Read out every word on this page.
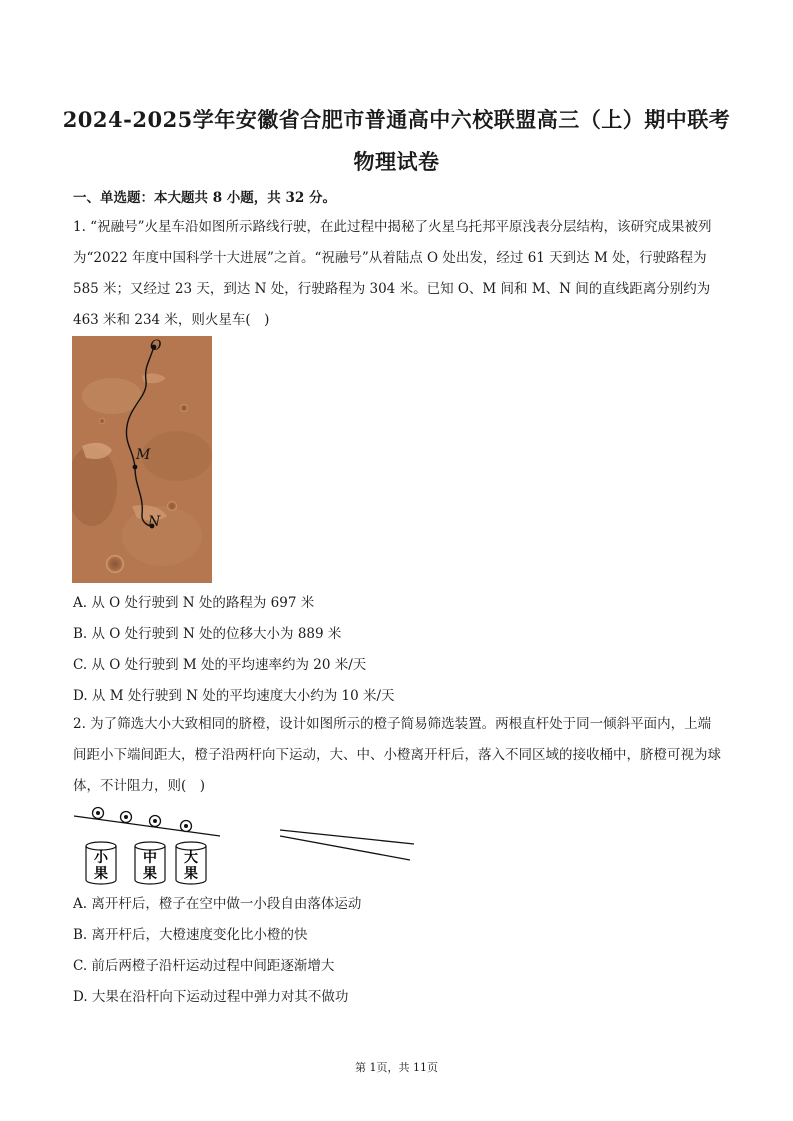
2024-2025学年安徽省合肥市普通高中六校联盟高三（上）期中联考
物理试卷
一、单选题：本大题共 8 小题，共 32 分。
1. “祝融号”火星车沿如图所示路线行驶，在此过程中揭秘了火星乌托邦平原浅表分层结构，该研究成果被列为“2022 年度中国科学十大进展”之首。“祝融号”从着陆点 O 处出发，经过 61 天到达 M 处，行驶路程为 585 米；又经过 23 天，到达 N 处，行驶路程为 304 米。已知 O、M 间和 M、N 间的直线距离分别约为 463 米和 234 米，则火星车(　)
O
M
N
A. 从 O 处行驶到 N 处的路程为 697 米
B. 从 O 处行驶到 N 处的位移大小为 889 米
C. 从 O 处行驶到 M 处的平均速率约为 20 米/天
D. 从 M 处行驶到 N 处的平均速度大小约为 10 米/天
2. 为了筛选大小大致相同的脐橙，设计如图所示的橙子简易筛选装置。两根直杆处于同一倾斜平面内，上端间距小下端间距大，橙子沿两杆向下运动，大、中、小橙离开杆后，落入不同区域的接收桶中，脐橙可视为球体，不计阻力，则(　)
小
果
中
果
大
果
A. 离开杆后，橙子在空中做一小段自由落体运动
B. 离开杆后，大橙速度变化比小橙的快
C. 前后两橙子沿杆运动过程中间距逐渐增大
D. 大果在沿杆向下运动过程中弹力对其不做功
第 1页，共 11页
